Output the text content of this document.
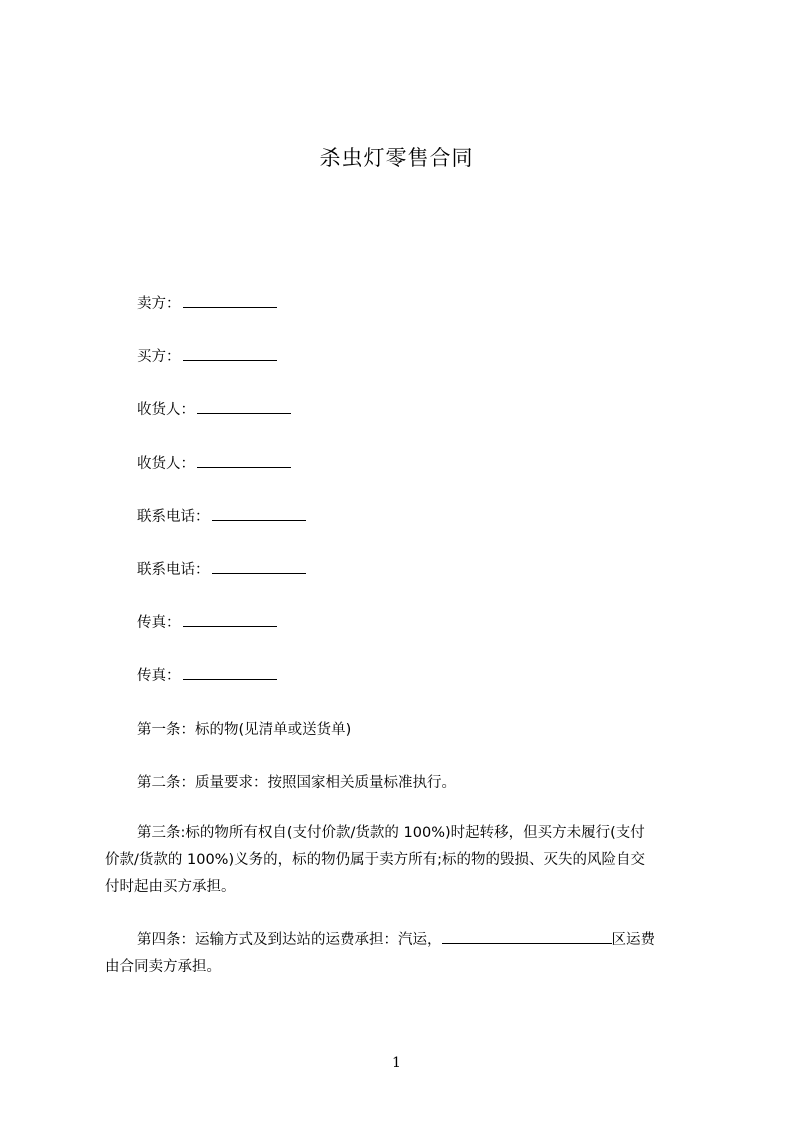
杀虫灯零售合同
卖方：
买方：
收货人：
收货人：
联系电话：
联系电话：
传真：
传真：
第一条：标的物(见清单或送货单)
第二条：质量要求：按照国家相关质量标准执行。
第三条:标的物所有权自(支付价款/货款的 100%)时起转移，但买方未履行(支付
价款/货款的 100%)义务的，标的物仍属于卖方所有;标的物的毁损、灭失的风险自交
付时起由买方承担。
第四条：运输方式及到达站的运费承担：汽运，	区运费
由合同卖方承担。
1
